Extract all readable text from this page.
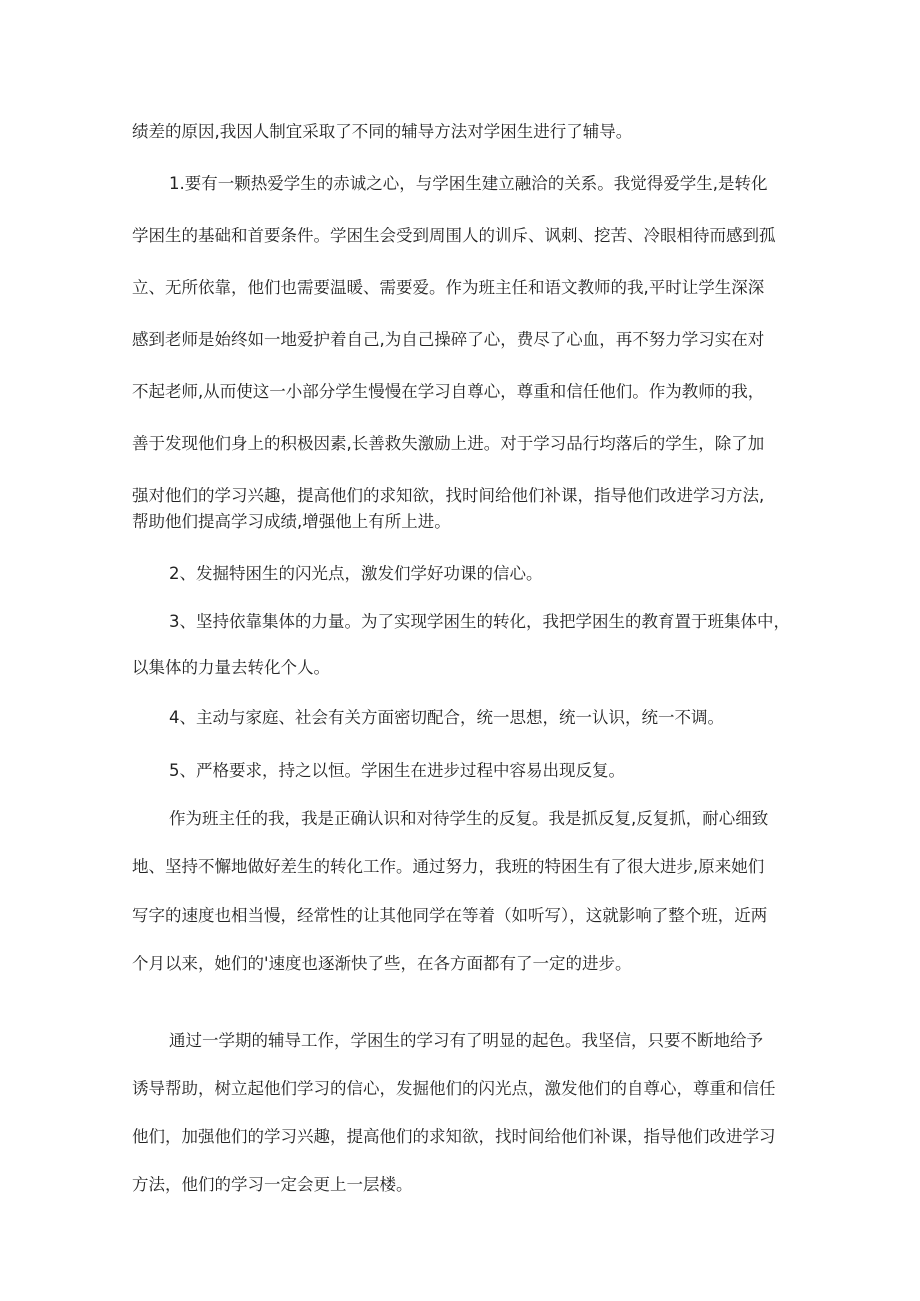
绩差的原因,我因人制宜采取了不同的辅导方法对学困生进行了辅导。

1.要有一颗热爱学生的赤诚之心，与学困生建立融洽的关系。我觉得爱学生,是转化

学困生的基础和首要条件。学困生会受到周围人的训斥、讽刺、挖苦、冷眼相待而感到孤

立、无所依靠，他们也需要温暖、需要爱。作为班主任和语文教师的我,平时让学生深深

感到老师是始终如一地爱护着自己,为自己操碎了心，费尽了心血，再不努力学习实在对

不起老师,从而使这一小部分学生慢慢在学习自尊心，尊重和信任他们。作为教师的我，

善于发现他们身上的积极因素,长善救失激励上进。对于学习品行均落后的学生，除了加

强对他们的学习兴趣，提高他们的求知欲，找时间给他们补课，指导他们改进学习方法,

帮助他们提高学习成绩,增强他上有所上进。

2、发掘特困生的闪光点，激发们学好功课的信心。

3、坚持依靠集体的力量。为了实现学困生的转化，我把学困生的教育置于班集体中，

以集体的力量去转化个人。

4、主动与家庭、社会有关方面密切配合，统一思想，统一认识，统一不调。

5、严格要求，持之以恒。学困生在进步过程中容易出现反复。

作为班主任的我，我是正确认识和对待学生的反复。我是抓反复,反复抓，耐心细致

地、坚持不懈地做好差生的转化工作。通过努力，我班的特困生有了很大进步,原来她们

写字的速度也相当慢，经常性的让其他同学在等着（如听写），这就影响了整个班，近两

个月以来，她们的'速度也逐渐快了些，在各方面都有了一定的进步。

通过一学期的辅导工作，学困生的学习有了明显的起色。我坚信，只要不断地给予

诱导帮助，树立起他们学习的信心，发掘他们的闪光点，激发他们的自尊心，尊重和信任

他们，加强他们的学习兴趣，提高他们的求知欲，找时间给他们补课，指导他们改进学习

方法，他们的学习一定会更上一层楼。
